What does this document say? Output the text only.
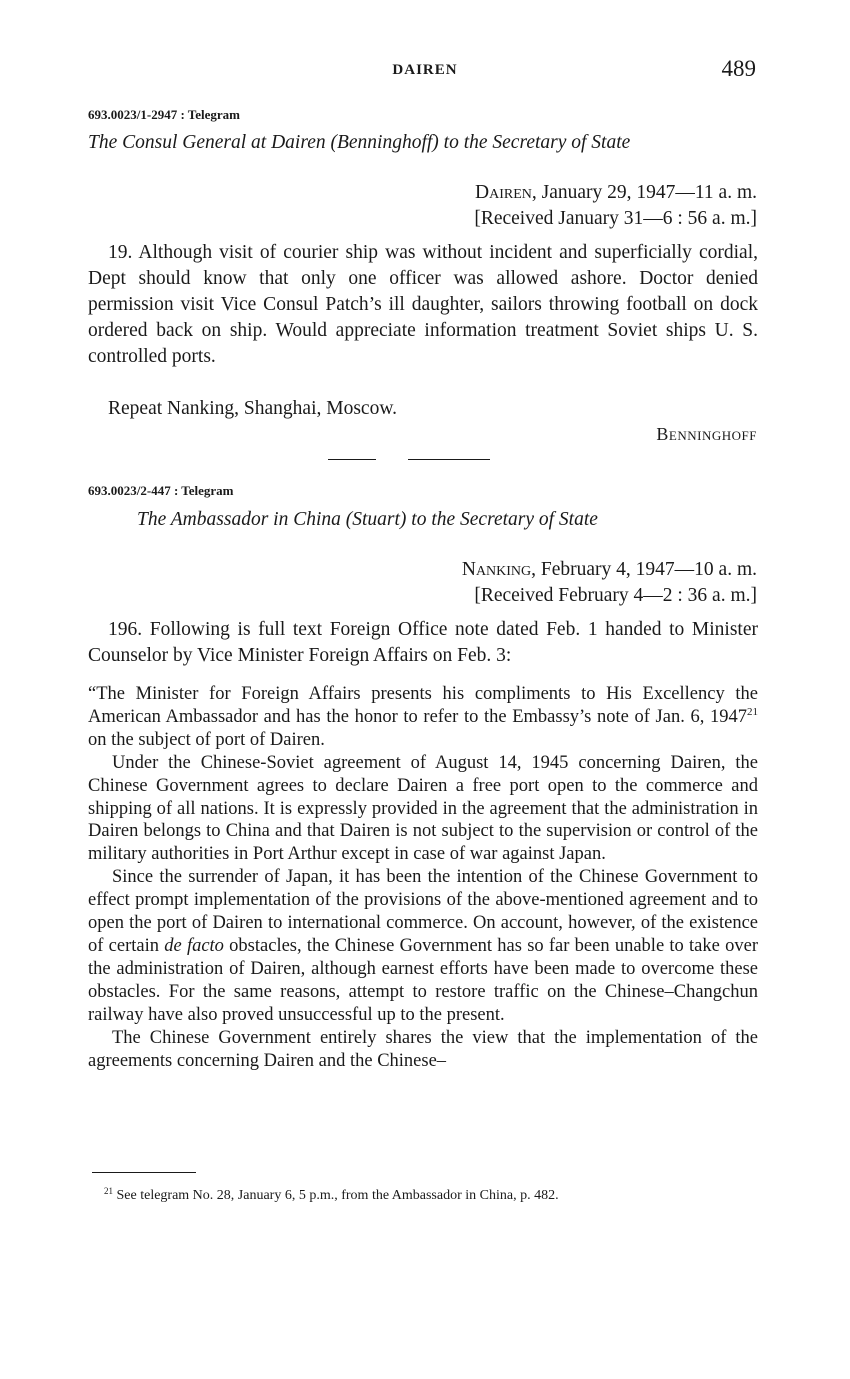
DAIREN	489
693.0023/1-2947 : Telegram
The Consul General at Dairen (Benninghoff) to the Secretary of State
Dairen, January 29, 1947—11 a. m.
[Received January 31—6 : 56 a. m.]

19. Although visit of courier ship was without incident and superficially cordial, Dept should know that only one officer was allowed ashore. Doctor denied permission visit Vice Consul Patch’s ill daughter, sailors throwing football on dock ordered back on ship. Would appreciate information treatment Soviet ships U. S. controlled ports.

Repeat Nanking, Shanghai, Moscow.

Benninghoff
693.0023/2-447 : Telegram
The Ambassador in China (Stuart) to the Secretary of State
Nanking, February 4, 1947—10 a. m.
[Received February 4—2 : 36 a. m.]

196. Following is full text Foreign Office note dated Feb. 1 handed to Minister Counselor by Vice Minister Foreign Affairs on Feb. 3:

“ The Minister for Foreign Affairs presents his compliments to His Excellency the American Ambassador and has the honor to refer to the Embassy’s note of Jan. 6, 1947$^{21}$ on the subject of port of Dairen.

Under the Chinese-Soviet agreement of August 14, 1945 concerning Dairen, the Chinese Government agrees to declare Dairen a free port open to the commerce and shipping of all nations. It is expressly provided in the agreement that the administration in Dairen belongs to China and that Dairen is not subject to the supervision or control of the military authorities in Port Arthur except in case of war against Japan.

Since the surrender of Japan, it has been the intention of the Chinese Government to effect prompt implementation of the provisions of the above-mentioned agreement and to open the port of Dairen to international commerce. On account, however, of the existence of certain de facto obstacles, the Chinese Government has so far been unable to take over the administration of Dairen, although earnest efforts have been made to overcome these obstacles. For the same reasons, attempt to restore traffic on the Chinese–Changchun railway have also proved unsuccessful up to the present.

The Chinese Government entirely shares the view that the implementation of the agreements concerning Dairen and the Chinese–

$^{21}$ See telegram No. 28, January 6, 5 p.m., from the Ambassador in China, p. 482.
